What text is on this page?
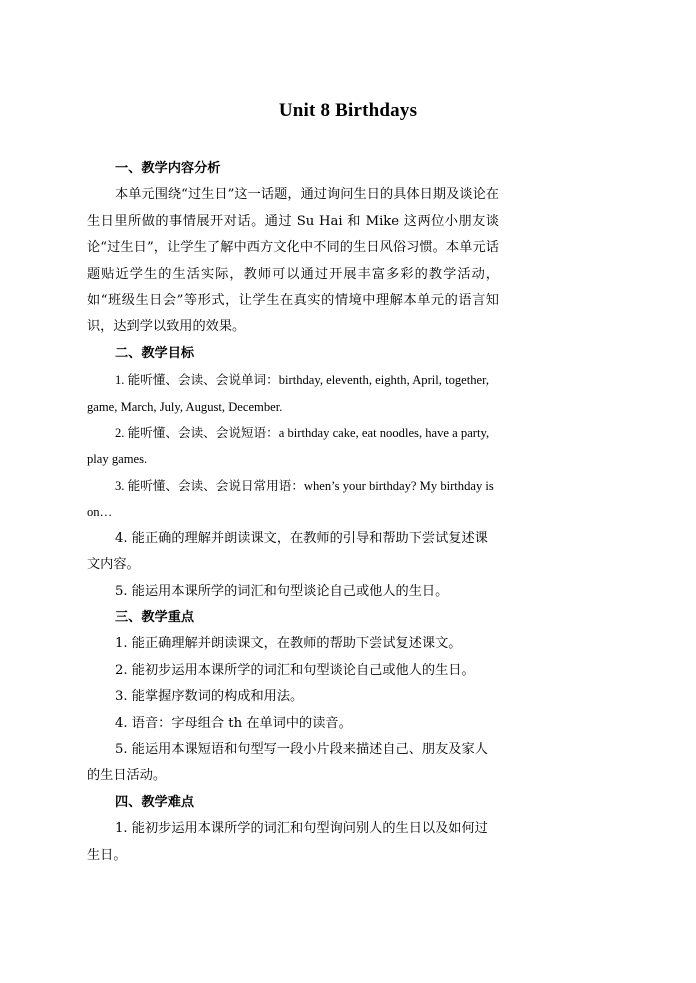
Unit 8 Birthdays

一、教学内容分析

本单元围绕“过生日”这一话题，通过询问生日的具体日期及谈论在生日里所做的事情展开对话。通过 Su Hai 和 Mike 这两位小朋友谈论“过生日”，让学生了解中西方文化中不同的生日风俗习惯。本单元话题贴近学生的生活实际，教师可以通过开展丰富多彩的教学活动，如“班级生日会”等形式，让学生在真实的情境中理解本单元的语言知识，达到学以致用的效果。

二、教学目标

1. 能听懂、会读、会说单词：birthday, eleventh, eighth, April, together, game, March, July, August, December.

2. 能听懂、会读、会说短语：a birthday cake, eat noodles, have a party, play games.

3. 能听懂、会读、会说日常用语：when’s your birthday? My birthday is on…

4. 能正确的理解并朗读课文，在教师的引导和帮助下尝试复述课文内容。

5. 能运用本课所学的词汇和句型谈论自己或他人的生日。

三、教学重点

1. 能正确理解并朗读课文，在教师的帮助下尝试复述课文。

2. 能初步运用本课所学的词汇和句型谈论自己或他人的生日。

3. 能掌握序数词的构成和用法。

4. 语音：字母组合 th 在单词中的读音。

5. 能运用本课短语和句型写一段小片段来描述自己、朋友及家人的生日活动。

四、教学难点

1. 能初步运用本课所学的词汇和句型询问别人的生日以及如何过生日。
